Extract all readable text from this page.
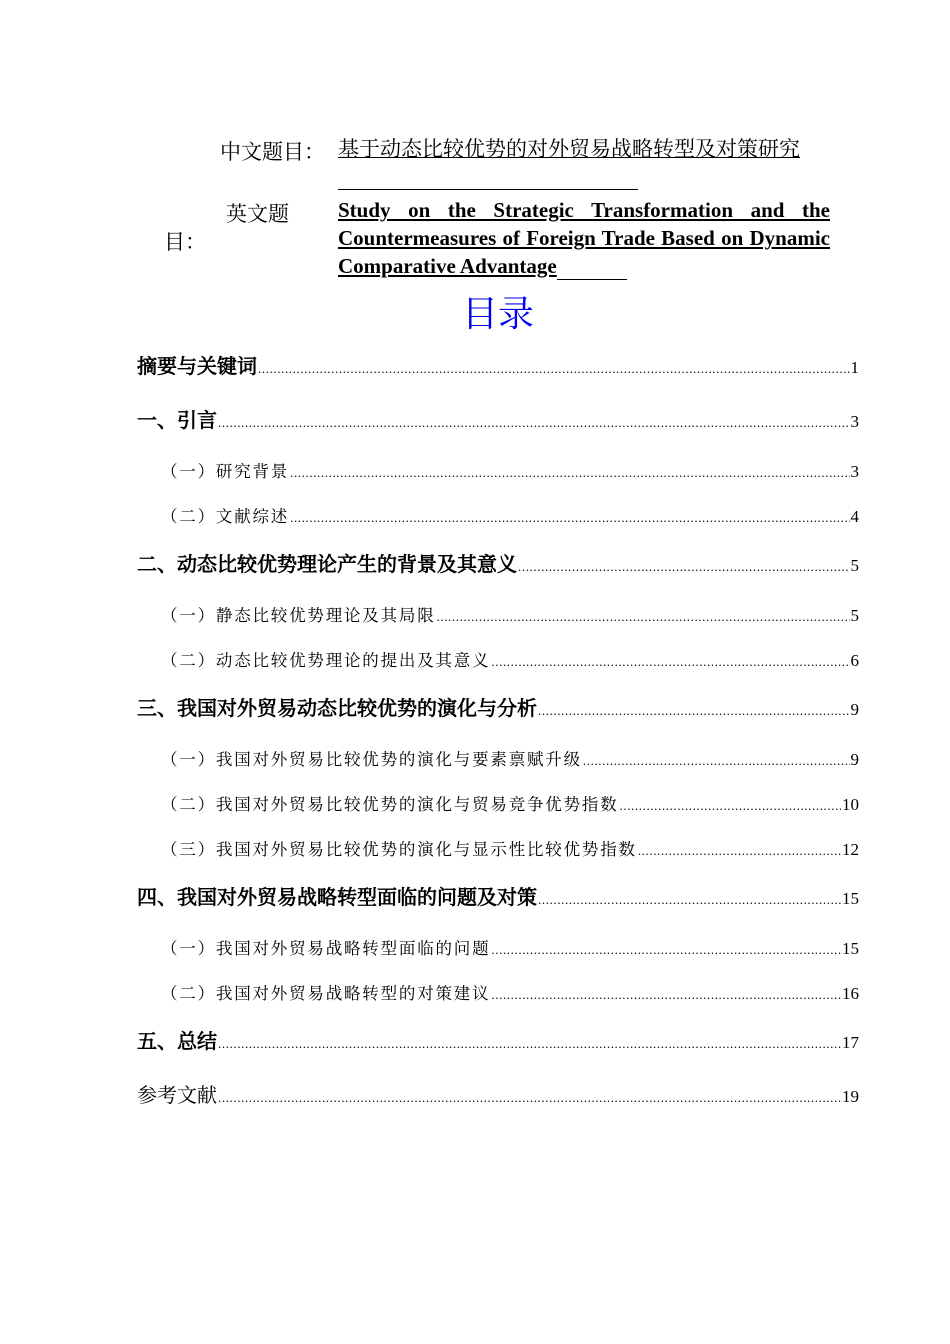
中文题目： 基于动态比较优势的对外贸易战略转型及对策研究
英文题
目：
Study on the Strategic Transformation and the Countermeasures of Foreign Trade Based on Dynamic Comparative Advantage
目录
摘要与关键词 .....	1
一、引言 .....	3
（一）研究背景 .....	3
（二）文献综述 .....	4
二、动态比较优势理论产生的背景及其意义 .....	5
（一）静态比较优势理论及其局限 .....	5
（二）动态比较优势理论的提出及其意义 .....	6
三、我国对外贸易动态比较优势的演化与分析 .....	9
（一）我国对外贸易比较优势的演化与要素禀赋升级 .....	9
（二）我国对外贸易比较优势的演化与贸易竞争优势指数 .....	10
（三）我国对外贸易比较优势的演化与显示性比较优势指数 .....	12
四、我国对外贸易战略转型面临的问题及对策 .....	15
（一）我国对外贸易战略转型面临的问题 .....	15
（二）我国对外贸易战略转型的对策建议 .....	16
五、总结 .....	17
参考文献 .....	19
